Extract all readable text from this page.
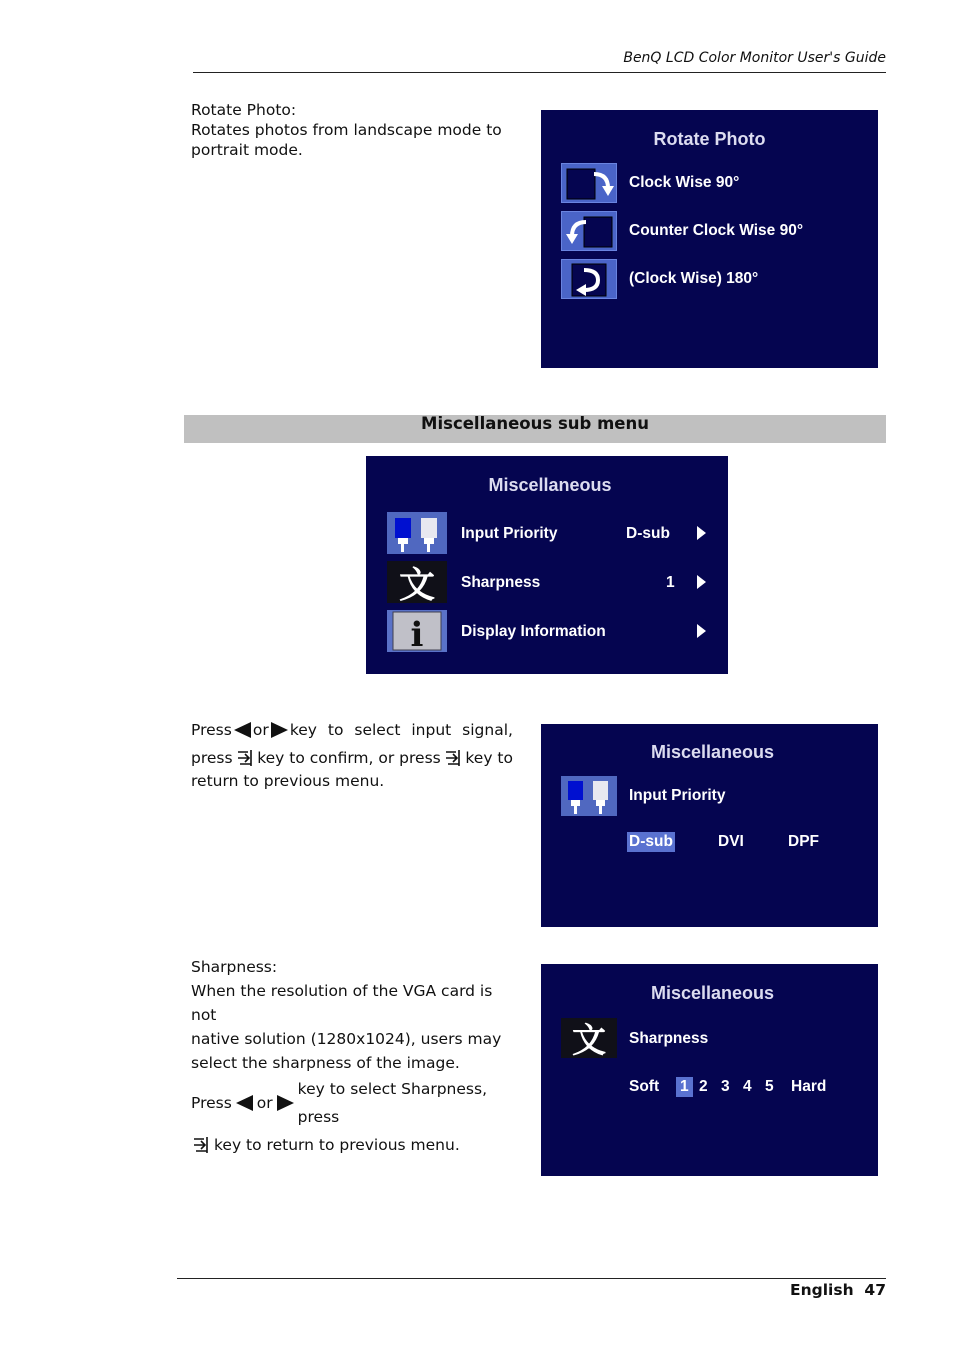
BenQ LCD Color Monitor User's Guide

Rotate Photo:

Rotates photos from landscape mode to portrait mode.

Rotate Photo
Clock Wise 90°
Counter Clock Wise 90°
(Clock Wise) 180°
Miscellaneous sub menu
Miscellaneous
Input Priority	D-sub
文 Sharpness	1
i Display Information
Press or key to select input signal,
press key to confirm, or press key to
return to previous menu.
Miscellaneous
Input Priority
D-sub	DVI	DPF

Sharpness:

When the resolution of the VGA card is not

native solution (1280x1024), users may

select the sharpness of the image.

Press or
key to select Sharpness, press
key to return to previous menu.
Miscellaneous
文 Sharpness
Soft 1 2 3 4 5 Hard
English 47
